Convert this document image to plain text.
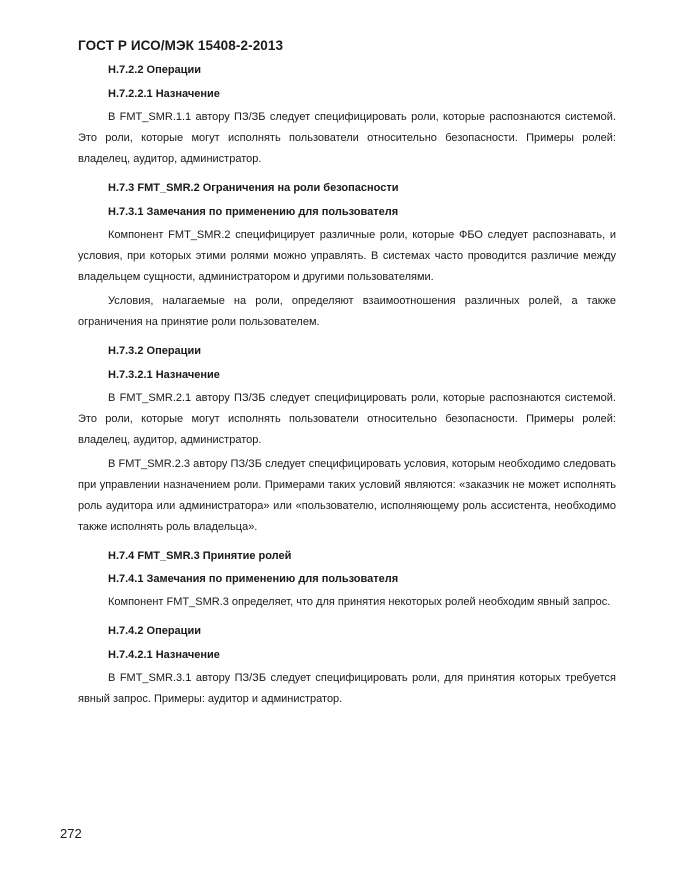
ГОСТ Р ИСО/МЭК 15408-2-2013
H.7.2.2 Операции
H.7.2.2.1 Назначение

В FMT_SMR.1.1 автору ПЗ/ЗБ следует специфицировать роли, которые распознаются системой. Это роли, которые могут исполнять пользователи относительно безопасности. Примеры ролей: владелец, аудитор, администратор.

H.7.3 FMT_SMR.2 Ограничения на роли безопасности
H.7.3.1 Замечания по применению для пользователя

Компонент FMT_SMR.2 специфицирует различные роли, которые ФБО следует распознавать, и условия, при которых этими ролями можно управлять. В системах часто проводится различие между владельцем сущности, администратором и другими пользователями.

Условия, налагаемые на роли, определяют взаимоотношения различных ролей, а также ограничения на принятие роли пользователем.

H.7.3.2 Операции
H.7.3.2.1 Назначение

В FMT_SMR.2.1 автору ПЗ/ЗБ следует специфицировать роли, которые распознаются системой. Это роли, которые могут исполнять пользователи относительно безопасности. Примеры ролей: владелец, аудитор, администратор.

В FMT_SMR.2.3 автору ПЗ/ЗБ следует специфицировать условия, которым необходимо следовать при управлении назначением роли. Примерами таких условий являются: «заказчик не может исполнять роль аудитора или администратора» или «пользователю, исполняющему роль ассистента, необходимо также исполнять роль владельца».

H.7.4 FMT_SMR.3 Принятие ролей
H.7.4.1 Замечания по применению для пользователя

Компонент FMT_SMR.3 определяет, что для принятия некоторых ролей необходим явный запрос.

H.7.4.2 Операции
H.7.4.2.1 Назначение

В FMT_SMR.3.1 автору ПЗ/ЗБ следует специфицировать роли, для принятия которых требуется явный запрос. Примеры: аудитор и администратор.

272
